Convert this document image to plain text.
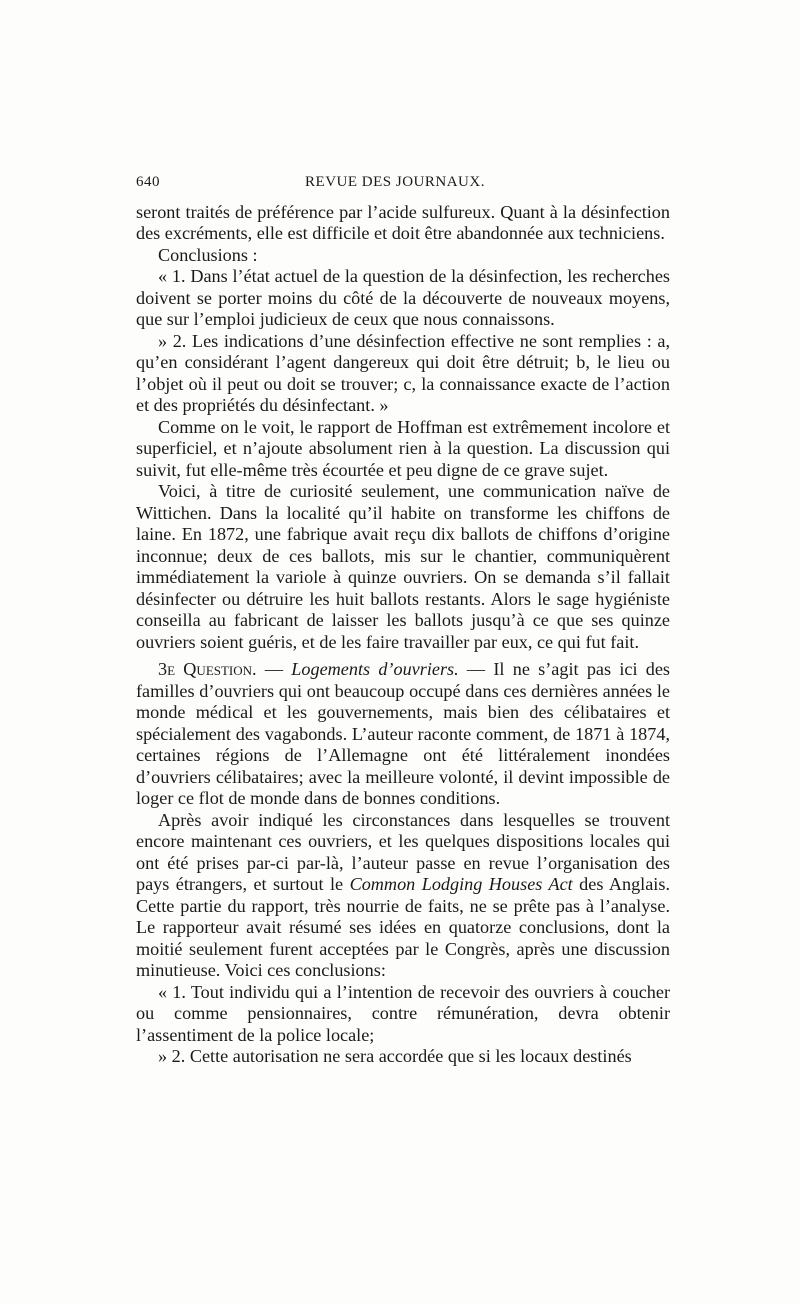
640	REVUE DES JOURNAUX.

seront traités de préférence par l’acide sulfureux. Quant à la désinfection des excréments, elle est difficile et doit être abandonnée aux techniciens.

Conclusions :

« 1. Dans l’état actuel de la question de la désinfection, les recherches doivent se porter moins du côté de la découverte de nouveaux moyens, que sur l’emploi judicieux de ceux que nous connaissons.

» 2. Les indications d’une désinfection effective ne sont remplies : a, qu’en considérant l’agent dangereux qui doit être détruit; b, le lieu ou l’objet où il peut ou doit se trouver; c, la connaissance exacte de l’action et des propriétés du désinfectant. »

Comme on le voit, le rapport de Hoffman est extrêmement incolore et superficiel, et n’ajoute absolument rien à la question. La discussion qui suivit, fut elle-même très écourtée et peu digne de ce grave sujet.

Voici, à titre de curiosité seulement, une communication naïve de Wittichen. Dans la localité qu’il habite on transforme les chiffons de laine. En 1872, une fabrique avait reçu dix ballots de chiffons d’origine inconnue; deux de ces ballots, mis sur le chantier, communiquèrent immédiatement la variole à quinze ouvriers. On se demanda s’il fallait désinfecter ou détruire les huit ballots restants. Alors le sage hygiéniste conseilla au fabricant de laisser les ballots jusqu’à ce que ses quinze ouvriers soient guéris, et de les faire travailler par eux, ce qui fut fait.

3e Question. — Logements d’ouvriers. — Il ne s’agit pas ici des familles d’ouvriers qui ont beaucoup occupé dans ces dernières années le monde médical et les gouvernements, mais bien des célibataires et spécialement des vagabonds. L’auteur raconte comment, de 1871 à 1874, certaines régions de l’Allemagne ont été littéralement inondées d’ouvriers célibataires; avec la meilleure volonté, il devint impossible de loger ce flot de monde dans de bonnes conditions.

Après avoir indiqué les circonstances dans lesquelles se trouvent encore maintenant ces ouvriers, et les quelques dispositions locales qui ont été prises par-ci par-là, l’auteur passe en revue l’organisation des pays étrangers, et surtout le Common Lodging Houses Act des Anglais. Cette partie du rapport, très nourrie de faits, ne se prête pas à l’analyse. Le rapporteur avait résumé ses idées en quatorze conclusions, dont la moitié seulement furent acceptées par le Congrès, après une discussion minutieuse. Voici ces conclusions:

« 1. Tout individu qui a l’intention de recevoir des ouvriers à coucher ou comme pensionnaires, contre rémunération, devra obtenir l’assentiment de la police locale;

» 2. Cette autorisation ne sera accordée que si les locaux destinés
